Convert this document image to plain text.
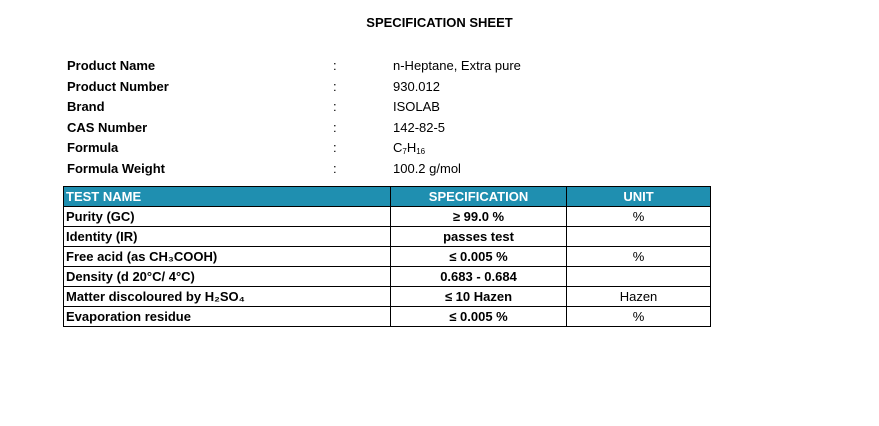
SPECIFICATION SHEET
Product Name	:	n-Heptane, Extra pure
Product Number	:	930.012
Brand	:	ISOLAB
CAS Number	:	142-82-5
Formula	:	$C_7H_{16}$
Formula Weight	:	100.2 g/mol
TEST NAME	SPECIFICATION	UNIT
Purity (GC)	≥ 99.0 %	%
Identity (IR)	passes test	
Free acid (as CH₃COOH)	≤ 0.005 %	%
Density (d 20°C/ 4°C)	0.683 - 0.684	
Matter discoloured by H₂SO₄	≤ 10 Hazen	Hazen
Evaporation residue	≤ 0.005 %	%
